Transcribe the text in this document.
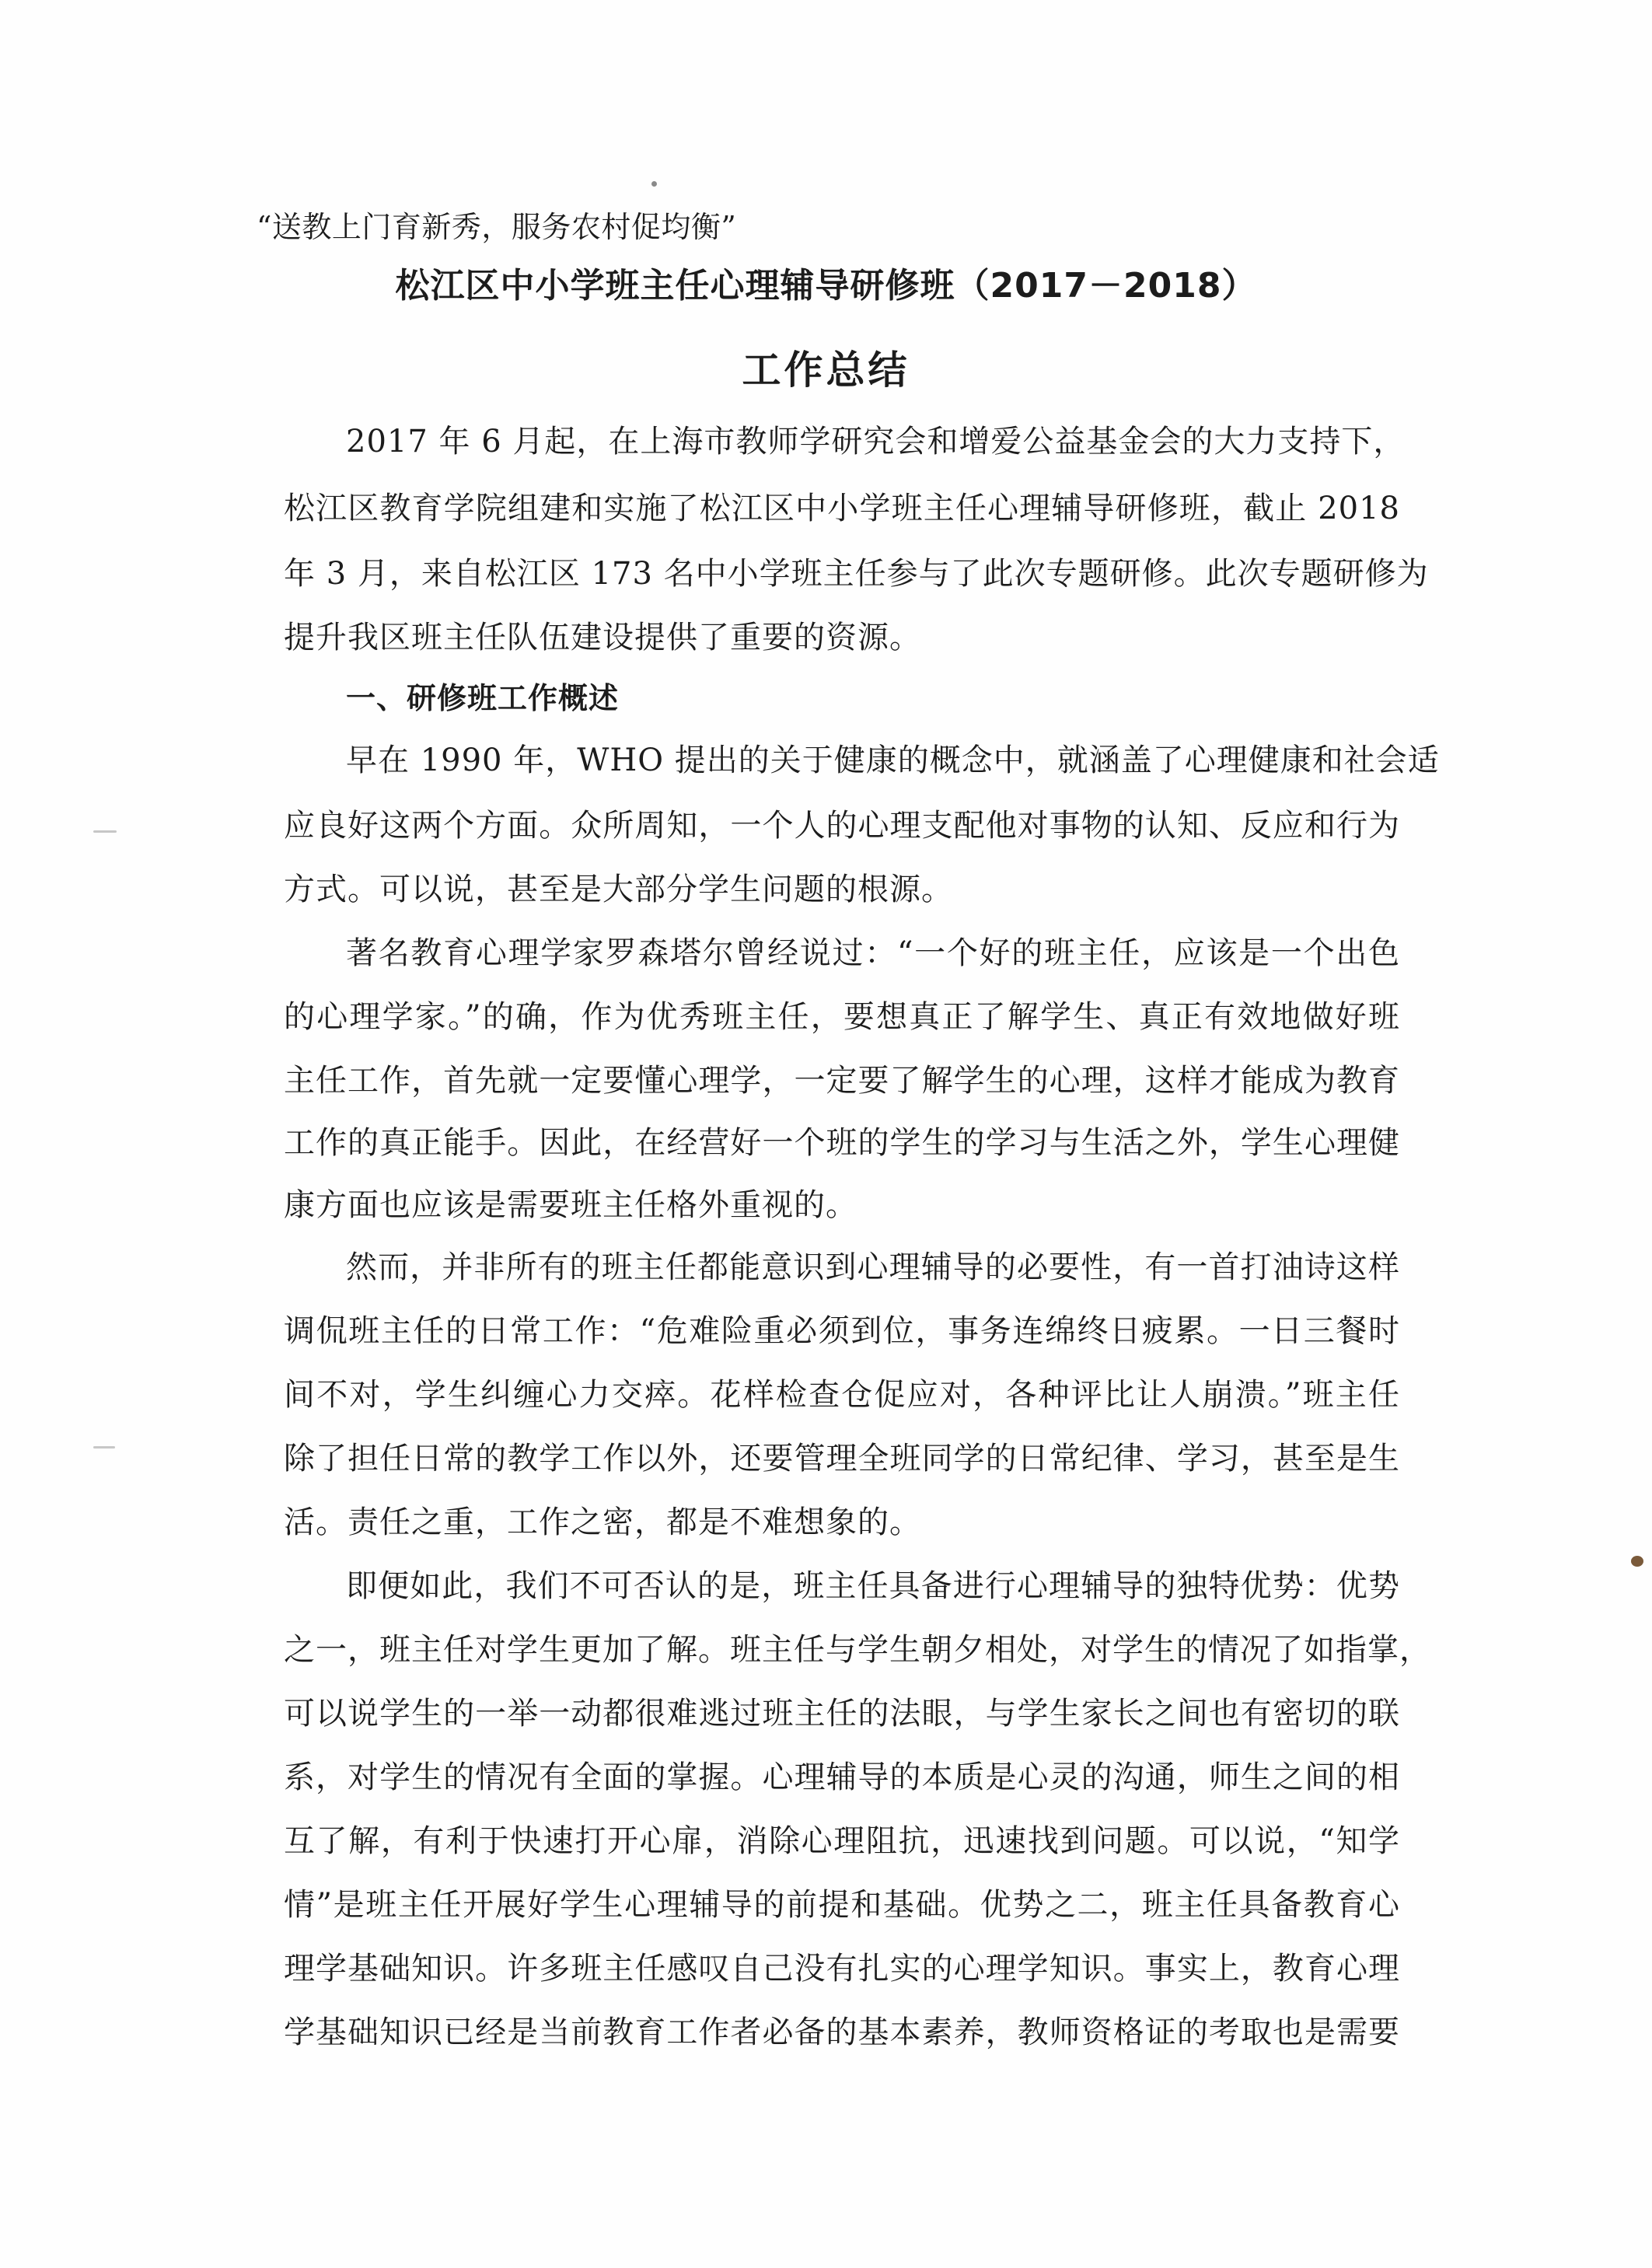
“送教上门育新秀，服务农村促均衡”
松江区中小学班主任心理辅导研修班（2017－2018）
工作总结
2017 年 6 月起，在上海市教师学研究会和增爱公益基金会的大力支持下，
松江区教育学院组建和实施了松江区中小学班主任心理辅导研修班，截止 2018
年 3 月，来自松江区 173 名中小学班主任参与了此次专题研修。此次专题研修为
提升我区班主任队伍建设提供了重要的资源。
一、研修班工作概述
早在 1990 年，WHO 提出的关于健康的概念中，就涵盖了心理健康和社会适
应良好这两个方面。众所周知，一个人的心理支配他对事物的认知、反应和行为
方式。可以说，甚至是大部分学生问题的根源。
著名教育心理学家罗森塔尔曾经说过：“一个好的班主任，应该是一个出色
的心理学家。”的确，作为优秀班主任，要想真正了解学生、真正有效地做好班
主任工作，首先就一定要懂心理学，一定要了解学生的心理，这样才能成为教育
工作的真正能手。因此，在经营好一个班的学生的学习与生活之外，学生心理健
康方面也应该是需要班主任格外重视的。
然而，并非所有的班主任都能意识到心理辅导的必要性，有一首打油诗这样
调侃班主任的日常工作：“危难险重必须到位，事务连绵终日疲累。一日三餐时
间不对，学生纠缠心力交瘁。花样检查仓促应对，各种评比让人崩溃。”班主任
除了担任日常的教学工作以外，还要管理全班同学的日常纪律、学习，甚至是生
活。责任之重，工作之密，都是不难想象的。
即便如此，我们不可否认的是，班主任具备进行心理辅导的独特优势：优势
之一，班主任对学生更加了解。班主任与学生朝夕相处，对学生的情况了如指掌，
可以说学生的一举一动都很难逃过班主任的法眼，与学生家长之间也有密切的联
系，对学生的情况有全面的掌握。心理辅导的本质是心灵的沟通，师生之间的相
互了解，有利于快速打开心扉，消除心理阻抗，迅速找到问题。可以说，“知学
情”是班主任开展好学生心理辅导的前提和基础。优势之二，班主任具备教育心
理学基础知识。许多班主任感叹自己没有扎实的心理学知识。事实上，教育心理
学基础知识已经是当前教育工作者必备的基本素养，教师资格证的考取也是需要
